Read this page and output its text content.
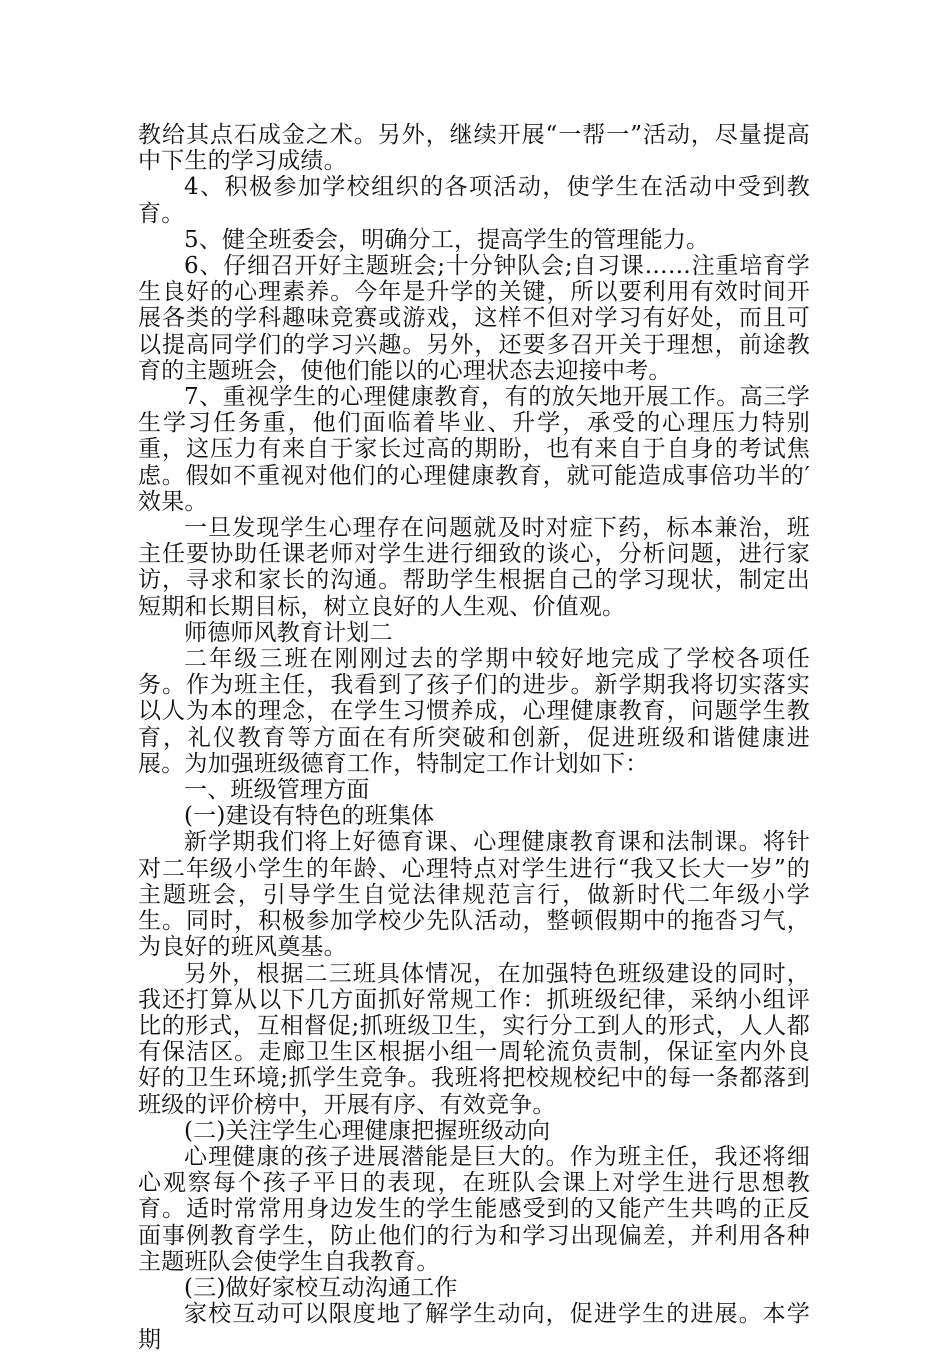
教给其点石成金之术。另外，继续开展“一帮一”活动，尽量提高中下生的学习成绩。

4、积极参加学校组织的各项活动，使学生在活动中受到教育。

5、健全班委会，明确分工，提高学生的管理能力。

6、仔细召开好主题班会;十分钟队会;自习课……注重培育学生良好的心理素养。今年是升学的关键，所以要利用有效时间开展各类的学科趣味竞赛或游戏，这样不但对学习有好处，而且可以提高同学们的学习兴趣。另外，还要多召开关于理想，前途教育的主题班会，使他们能以的心理状态去迎接中考。

7、重视学生的心理健康教育，有的放矢地开展工作。高三学生学习任务重，他们面临着毕业、升学，承受的心理压力特别重，这压力有来自于家长过高的期盼，也有来自于自身的考试焦虑。假如不重视对他们的心理健康教育，就可能造成事倍功半的′效果。

一旦发现学生心理存在问题就及时对症下药，标本兼治，班主任要协助任课老师对学生进行细致的谈心，分析问题，进行家访，寻求和家长的沟通。帮助学生根据自己的学习现状，制定出短期和长期目标，树立良好的人生观、价值观。

师德师风教育计划二

二年级三班在刚刚过去的学期中较好地完成了学校各项任务。作为班主任，我看到了孩子们的进步。新学期我将切实落实以人为本的理念，在学生习惯养成，心理健康教育，问题学生教育，礼仪教育等方面在有所突破和创新，促进班级和谐健康进展。为加强班级德育工作，特制定工作计划如下：

一、班级管理方面

(一)建设有特色的班集体

新学期我们将上好德育课、心理健康教育课和法制课。将针对二年级小学生的年龄、心理特点对学生进行“我又长大一岁”的主题班会，引导学生自觉法律规范言行，做新时代二年级小学生。同时，积极参加学校少先队活动，整顿假期中的拖沓习气，为良好的班风奠基。

另外，根据二三班具体情况，在加强特色班级建设的同时，我还打算从以下几方面抓好常规工作：抓班级纪律，采纳小组评比的形式，互相督促;抓班级卫生，实行分工到人的形式，人人都有保洁区。走廊卫生区根据小组一周轮流负责制，保证室内外良好的卫生环境;抓学生竞争。我班将把校规校纪中的每一条都落到班级的评价榜中，开展有序、有效竞争。

(二)关注学生心理健康把握班级动向

心理健康的孩子进展潜能是巨大的。作为班主任，我还将细心观察每个孩子平日的表现，在班队会课上对学生进行思想教育。适时常常用身边发生的学生能感受到的又能产生共鸣的正反面事例教育学生，防止他们的行为和学习出现偏差，并利用各种主题班队会使学生自我教育。

(三)做好家校互动沟通工作

家校互动可以限度地了解学生动向，促进学生的进展。本学期
